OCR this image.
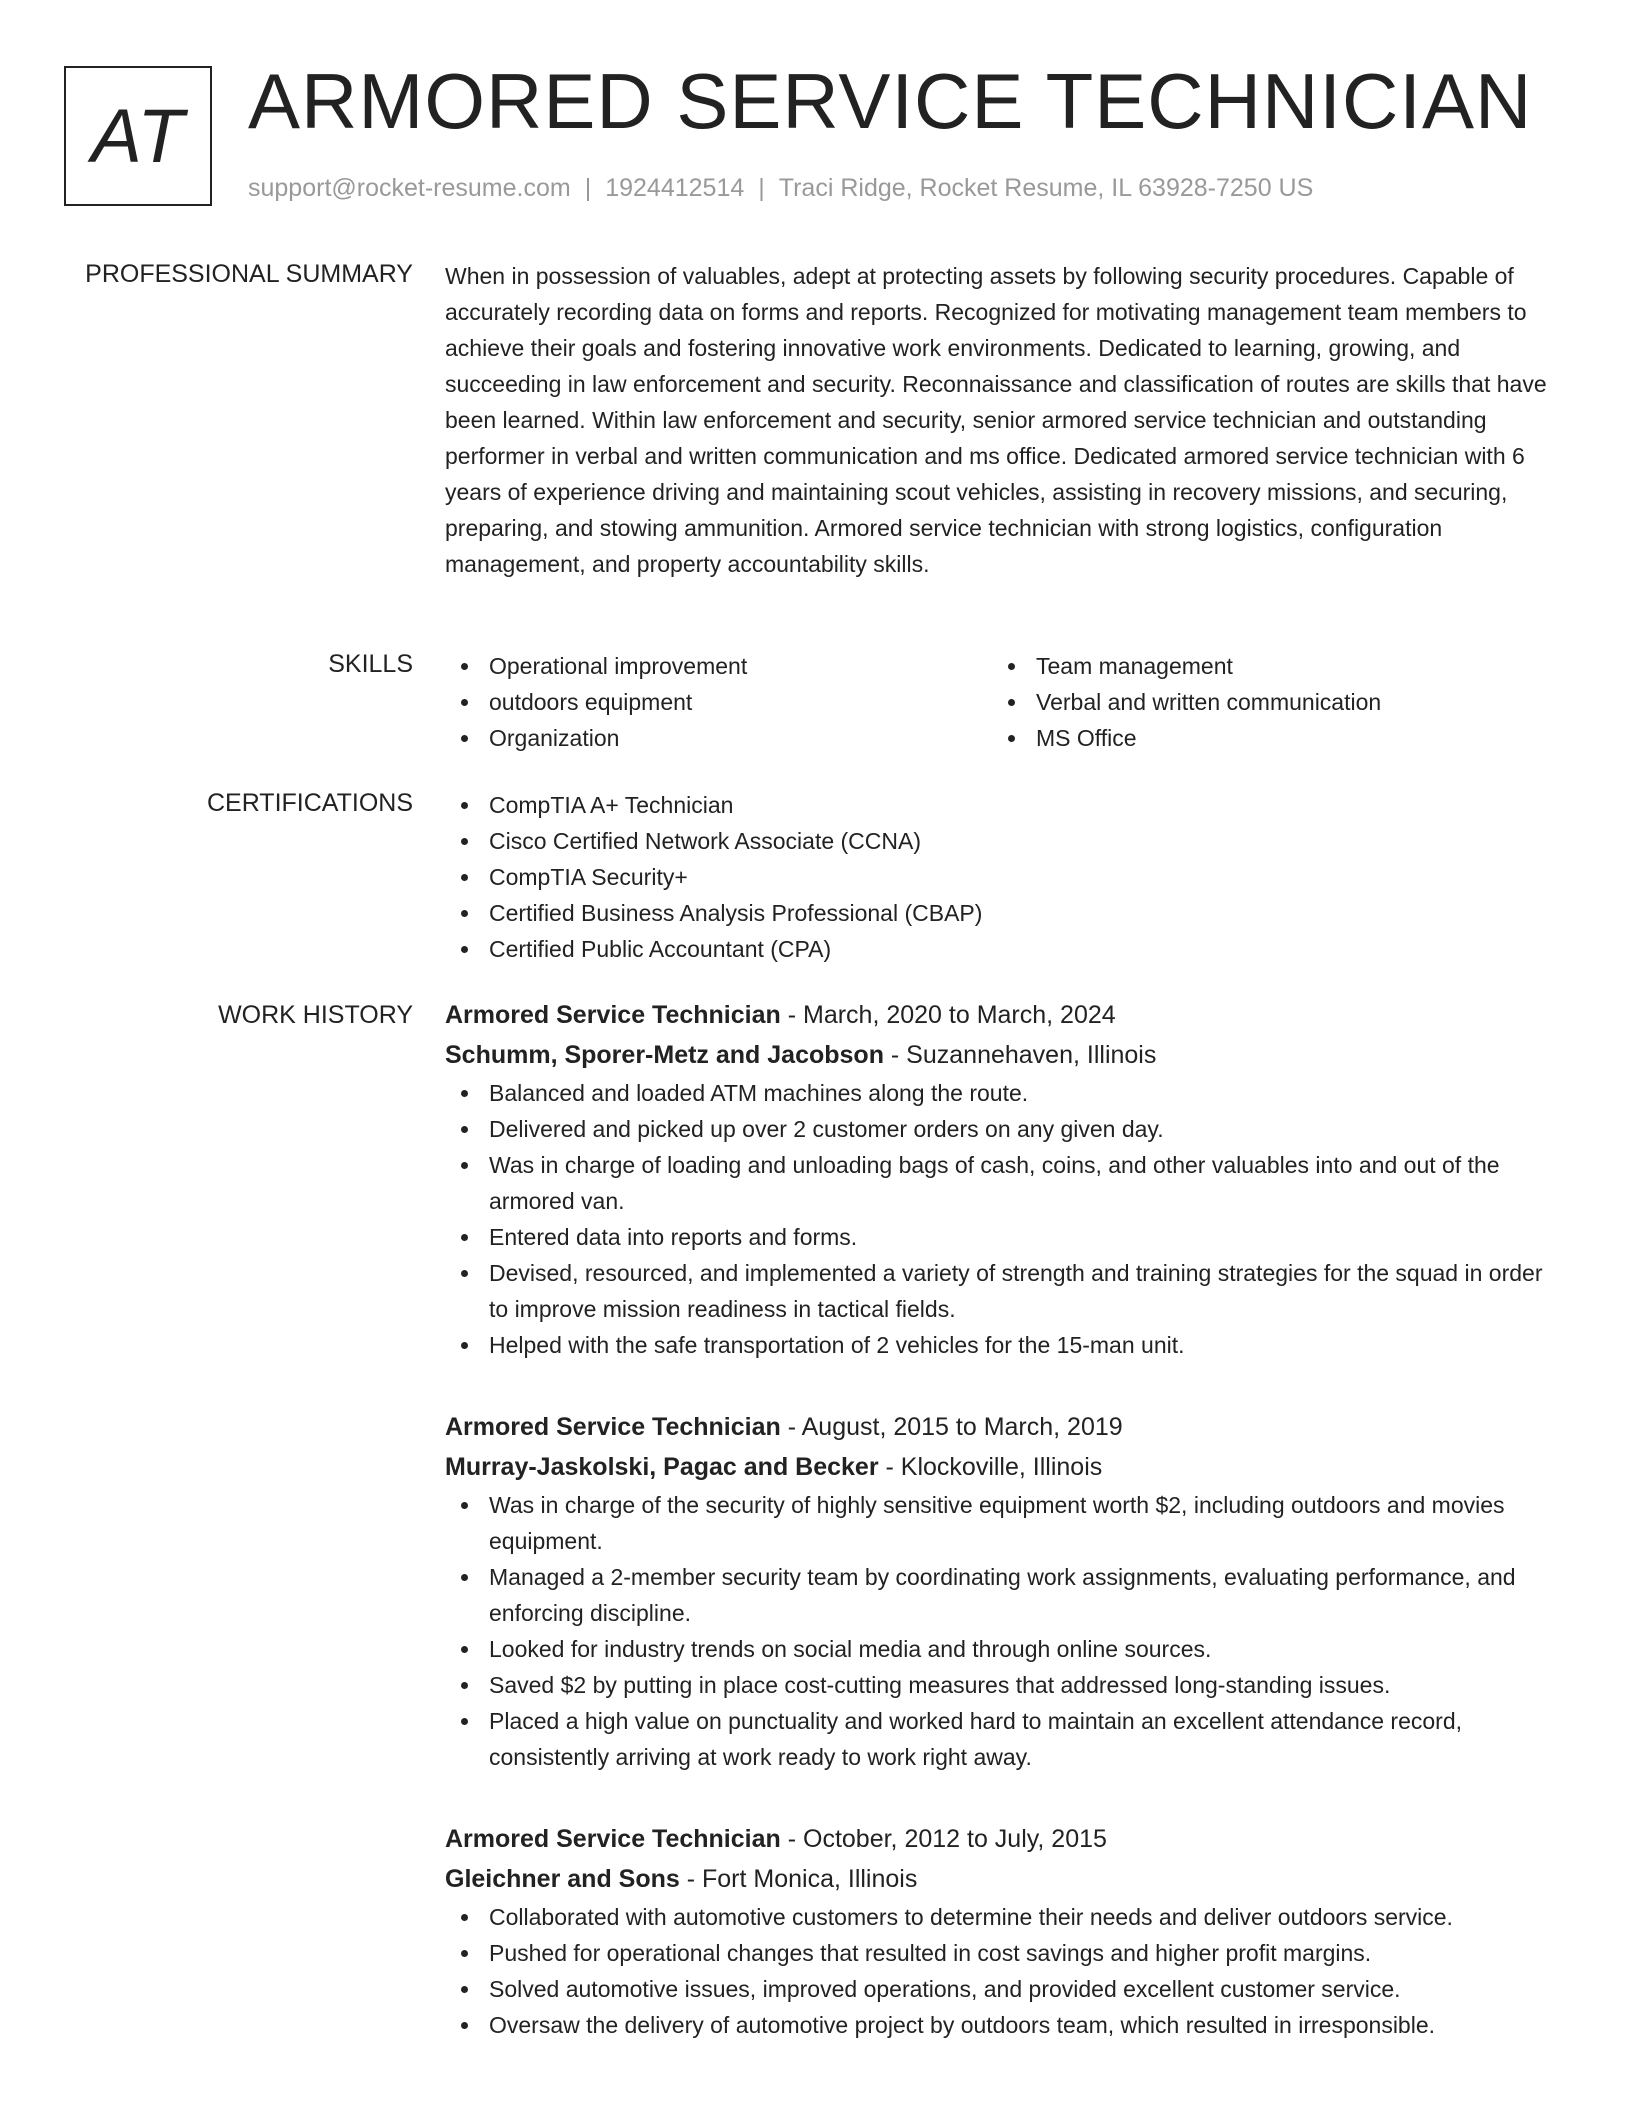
AT ARMORED SERVICE TECHNICIAN
support@rocket-resume.com | 1924412514 | Traci Ridge, Rocket Resume, IL 63928-7250 US
PROFESSIONAL SUMMARY When in possession of valuables, adept at protecting assets by following security procedures. Capable of accurately recording data on forms and reports. Recognized for motivating management team members to achieve their goals and fostering innovative work environments. Dedicated to learning, growing, and succeeding in law enforcement and security. Reconnaissance and classification of routes are skills that have been learned. Within law enforcement and security, senior armored service technician and outstanding performer in verbal and written communication and ms office. Dedicated armored service technician with 6 years of experience driving and maintaining scout vehicles, assisting in recovery missions, and securing, preparing, and stowing ammunition. Armored service technician with strong logistics, configuration management, and property accountability skills.

SKILLS	Operational improvement
outdoors equipment
Organization
Team management
Verbal and written communication
MS Office
CERTIFICATIONS	CompTIA A+ Technician
Cisco Certified Network Associate (CCNA)
CompTIA Security+
Certified Business Analysis Professional (CBAP)
Certified Public Accountant (CPA)
WORK HISTORY Armored Service Technician - March, 2020 to March, 2024
Schumm, Sporer-Metz and Jacobson - Suzannehaven, Illinois
Balanced and loaded ATM machines along the route.
Delivered and picked up over 2 customer orders on any given day.
Was in charge of loading and unloading bags of cash, coins, and other valuables into and out of the armored van.
Entered data into reports and forms.
Devised, resourced, and implemented a variety of strength and training strategies for the squad in order to improve mission readiness in tactical fields.
Helped with the safe transportation of 2 vehicles for the 15-man unit.
Armored Service Technician - August, 2015 to March, 2019
Murray-Jaskolski, Pagac and Becker - Klockoville, Illinois
Was in charge of the security of highly sensitive equipment worth $2, including outdoors and movies equipment.
Managed a 2-member security team by coordinating work assignments, evaluating performance, and enforcing discipline.
Looked for industry trends on social media and through online sources.
Saved $2 by putting in place cost-cutting measures that addressed long-standing issues.
Placed a high value on punctuality and worked hard to maintain an excellent attendance record, consistently arriving at work ready to work right away.
Armored Service Technician - October, 2012 to July, 2015
Gleichner and Sons - Fort Monica, Illinois
Collaborated with automotive customers to determine their needs and deliver outdoors service.
Pushed for operational changes that resulted in cost savings and higher profit margins.
Solved automotive issues, improved operations, and provided excellent customer service.
Oversaw the delivery of automotive project by outdoors team, which resulted in irresponsible.
